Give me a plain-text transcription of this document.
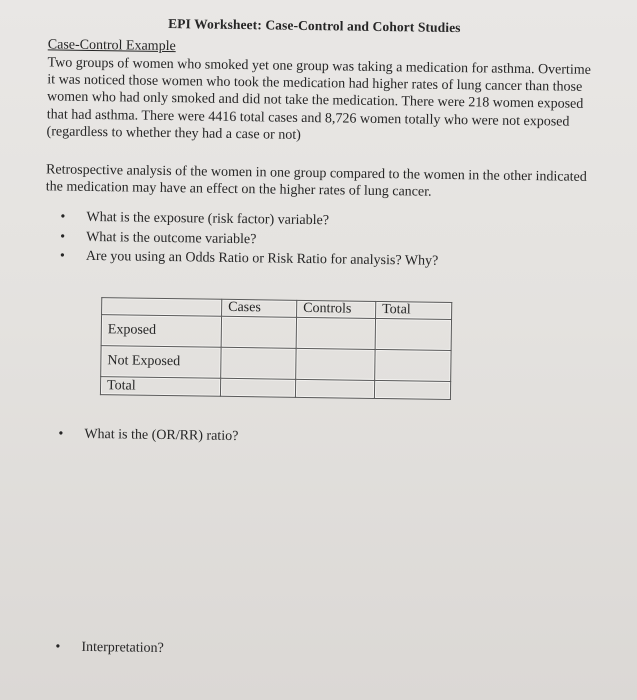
EPI Worksheet: Case-Control and Cohort Studies
Case-Control Example
Two groups of women who smoked yet one group was taking a medication for asthma. Overtime
it was noticed those women who took the medication had higher rates of lung cancer than those
women who had only smoked and did not take the medication. There were 218 women exposed
that had asthma. There were 4416 total cases and 8,726 women totally who were not exposed
(regardless to whether they had a case or not)
Retrospective analysis of the women in one group compared to the women in the other indicated
the medication may have an effect on the higher rates of lung cancer.
• What is the exposure (risk factor) variable?
• What is the outcome variable?
• Are you using an Odds Ratio or Risk Ratio for analysis? Why?
	Cases	Controls	Total
Exposed			
Not Exposed			
Total			
• What is the (OR/RR) ratio?
• Interpretation?
